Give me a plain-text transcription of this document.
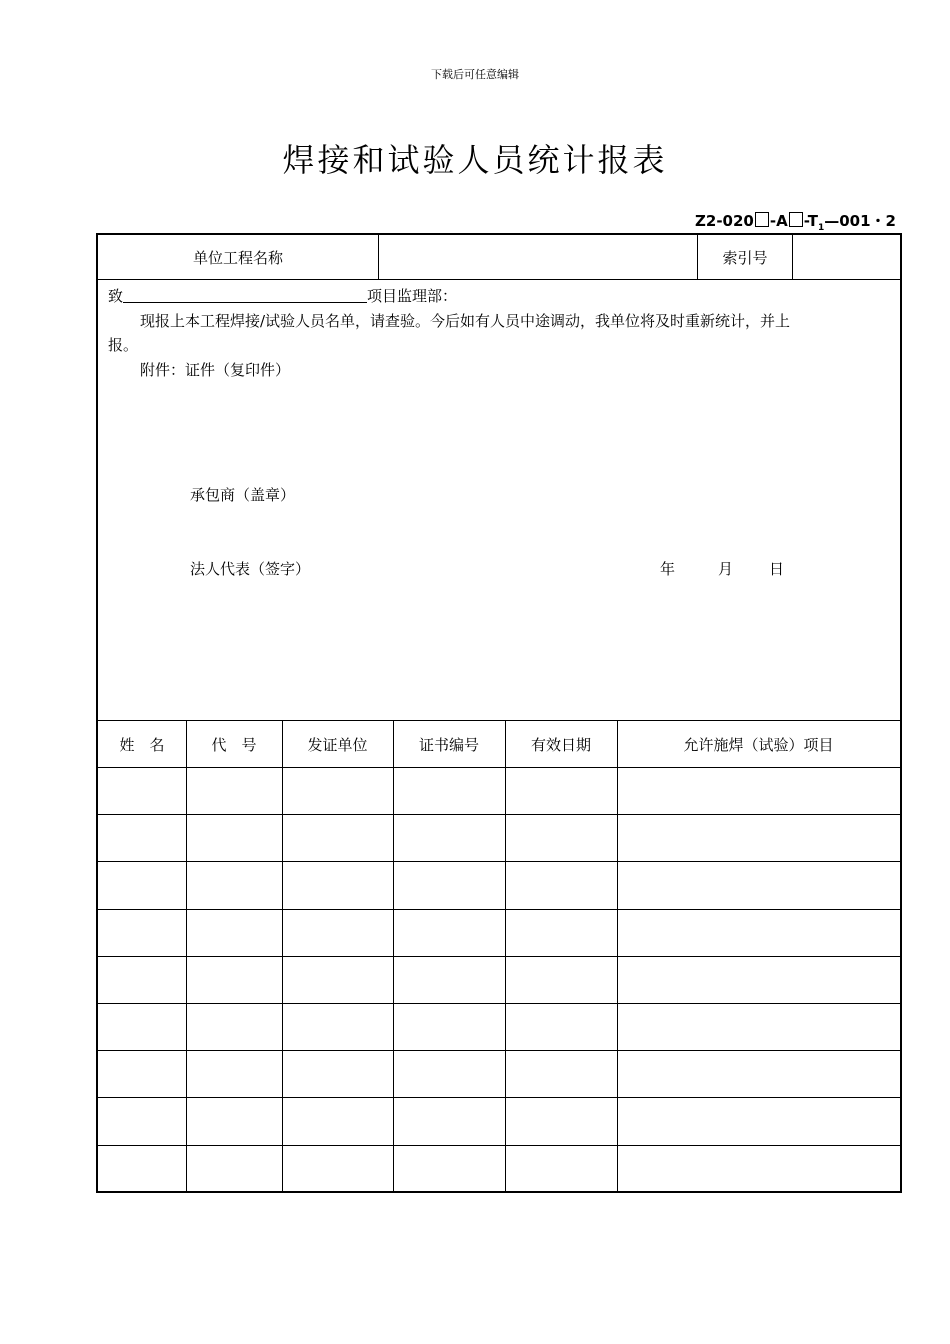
下载后可任意编辑
焊接和试验人员统计报表
Z2-020 -A $-T_1—001$・2
单位工程名称	索引号
致	项目监理部：
现报上本工程焊接/试验人员名单，请查验。今后如有人员中途调动，我单位将及时重新统计，并上
报。
附件：证件（复印件）
承包商（盖章）
法人代表（签字）	年	月 日
姓　名	代　号	发证单位	证书编号	有效日期	允许施焊（试验）项目
